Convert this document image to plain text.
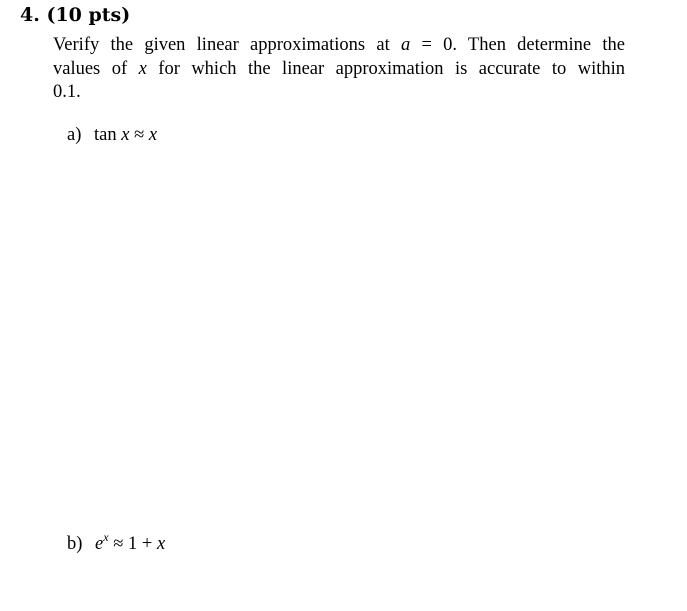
4. (10 pts)
Verify the given linear approximations at a = 0. Then determine the
values of x for which the linear approximation is accurate to within
0.1.
a) tan x ≈ x
b) $e^x \approx 1 + x$
